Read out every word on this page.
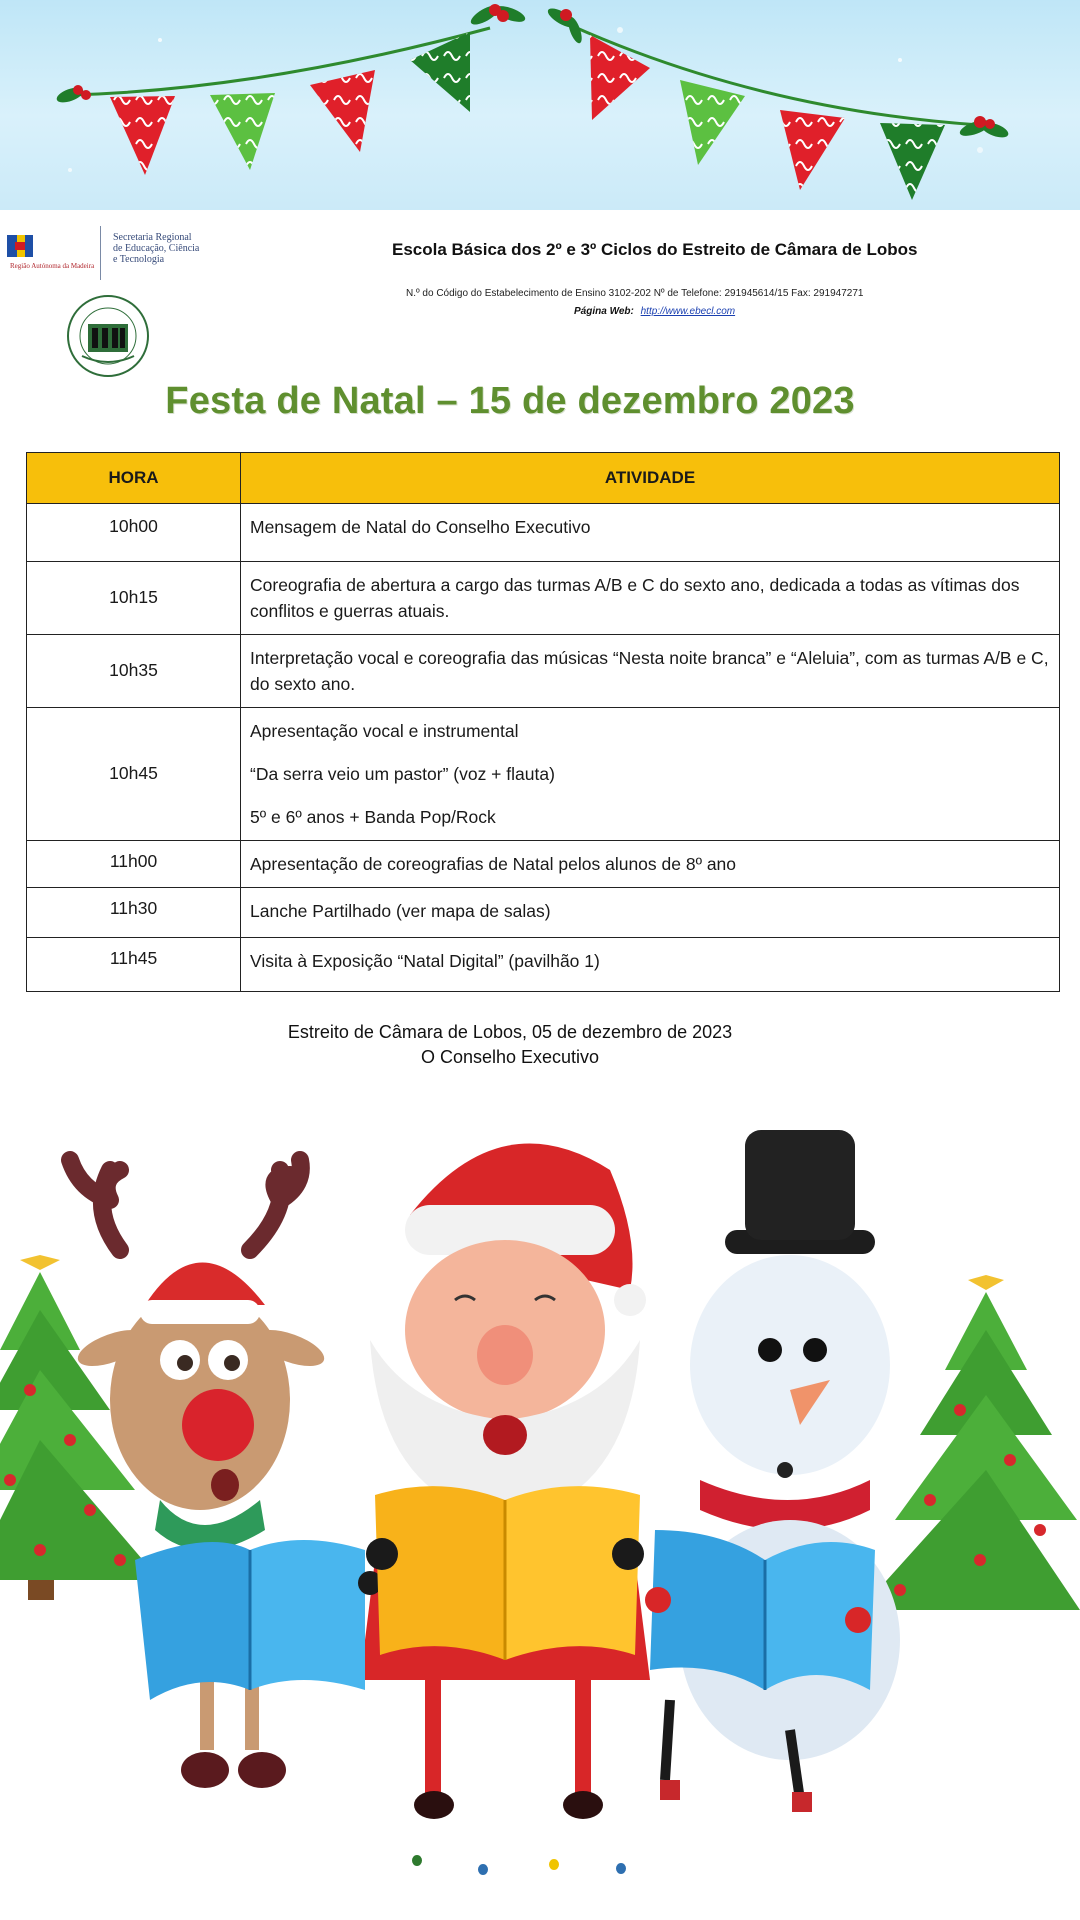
Região Autónoma da Madeira
Secretaria Regional
de Educação, Ciência
e Tecnologia
Escola Básica dos 2º e 3º Ciclos do Estreito de Câmara de Lobos
N.º do Código do Estabelecimento de Ensino 3102-202 Nº de Telefone: 291945614/15 Fax: 291947271
Página Web: http://www.ebecl.com
Festa de Natal – 15 de dezembro 2023
HORA	ATIVIDADE
10h00	Mensagem de Natal do Conselho Executivo

10h15	Coreografia de abertura a cargo das turmas A/B e C do sexto ano, dedicada a todas as vítimas dos conflitos e guerras atuais.

10h35	Interpretação vocal e coreografia das músicas “Nesta noite branca” e “Aleluia”, com as turmas A/B e C, do sexto ano.

10h45	Apresentação vocal e instrumental

“Da serra veio um pastor” (voz + flauta)

5º e 6º anos + Banda Pop/Rock

11h00	Apresentação de coreografias de Natal pelos alunos de 8º ano

11h30	Lanche Partilhado (ver mapa de salas)

11h45	Visita à Exposição “Natal Digital” (pavilhão 1)

Estreito de Câmara de Lobos, 05 de dezembro de 2023
O Conselho Executivo
